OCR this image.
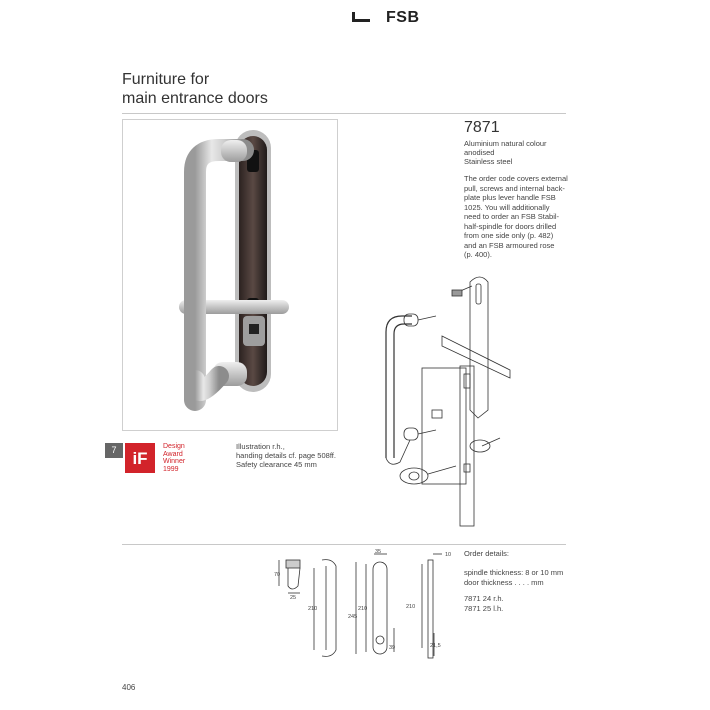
FSB
Furniture for
main entrance doors
7871
Aluminium natural colour
anodised
Stainless steel
The order code covers external
pull, screws and internal back-
plate plus lever handle FSB
1025. You will additionally
need to order an FSB Stabil-
half-spindle for doors drilled
from one side only (p. 482)
and an FSB armoured rose
(p. 400).
7 iF
Design
Award
Winner
1999
Illustration r.h.,
handing details cf. page 508ff.
Safety clearance 45 mm
70
25
210
35
245
210
39
210
10
21,5
Order details:
spindle thickness: 8 or 10 mm
door thickness . . . . mm
7871 24 r.h.
7871 25 l.h.
406
